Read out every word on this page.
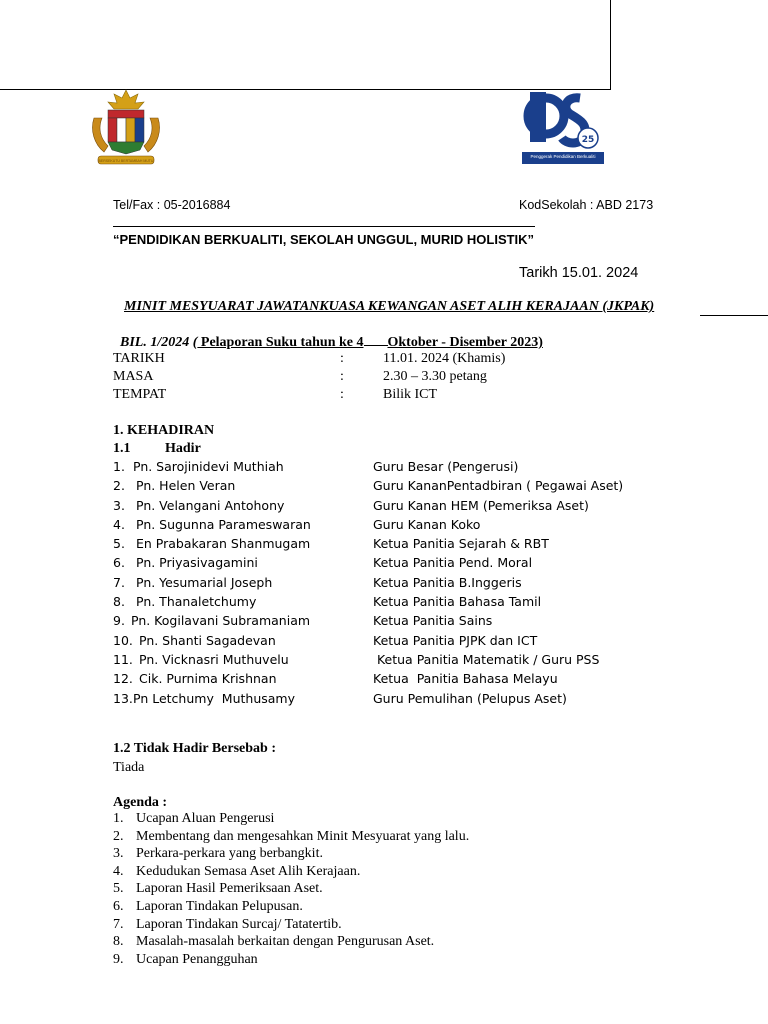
BERSEKUTU BERTAMBAH MUTU
25
Penggerak Pendidikan Berkualiti
Tel/Fax : 05-2016884	KodSekolah : ABD 2173
“PENDIDIKAN BERKUALITI, SEKOLAH UNGGUL, MURID HOLISTIK”
Tarikh 15.01. 2024
MINIT MESYUARAT JAWATANKUASA KEWANGAN ASET ALIH KERAJAAN (JKPAK)

BIL. 1/2024 ( Pelaporan Suku tahun ke 4 Oktober - Disember 2023)

TARIKH	:	11.01. 2024 (Khamis)
MASA	:	2.30 – 3.30 petang
TEMPAT	:	Bilik ICT
1. KEHADIRAN
1.1 Hadir
1. Pn. Sarojinidevi Muthiah	Guru Besar (Pengerusi)
2. Pn. Helen Veran	Guru KananPentadbiran ( Pegawai Aset)
3. Pn. Velangani Antohony	Guru Kanan HEM (Pemeriksa Aset)
4. Pn. Sugunna Parameswaran	Guru Kanan Koko
5. En Prabakaran Shanmugam	Ketua Panitia Sejarah & RBT
6. Pn. Priyasivagamini	Ketua Panitia Pend. Moral
7. Pn. Yesumarial Joseph	Ketua Panitia B.Inggeris
8. Pn. Thanaletchumy	Ketua Panitia Bahasa Tamil
9. Pn. Kogilavani Subramaniam	Ketua Panitia Sains
10. Pn. Shanti Sagadevan	Ketua Panitia PJPK dan ICT
11. Pn. Vicknasri Muthuvelu	Ketua Panitia Matematik / Guru PSS
12. Cik. Purnima Krishnan	Ketua  Panitia Bahasa Melayu
13. Pn Letchumy  Muthusamy	Guru Pemulihan (Pelupus Aset)
1.2 Tidak Hadir Bersebab :
Tiada
Agenda :
1. Ucapan Aluan Pengerusi
2. Membentang dan mengesahkan Minit Mesyuarat yang lalu.
3. Perkara-perkara yang berbangkit.
4. Kedudukan Semasa Aset Alih Kerajaan.
5. Laporan Hasil Pemeriksaan Aset.
6. Laporan Tindakan Pelupusan.
7. Laporan Tindakan Surcaj/ Tatatertib.
8. Masalah-masalah berkaitan dengan Pengurusan Aset.
9. Ucapan Penangguhan
